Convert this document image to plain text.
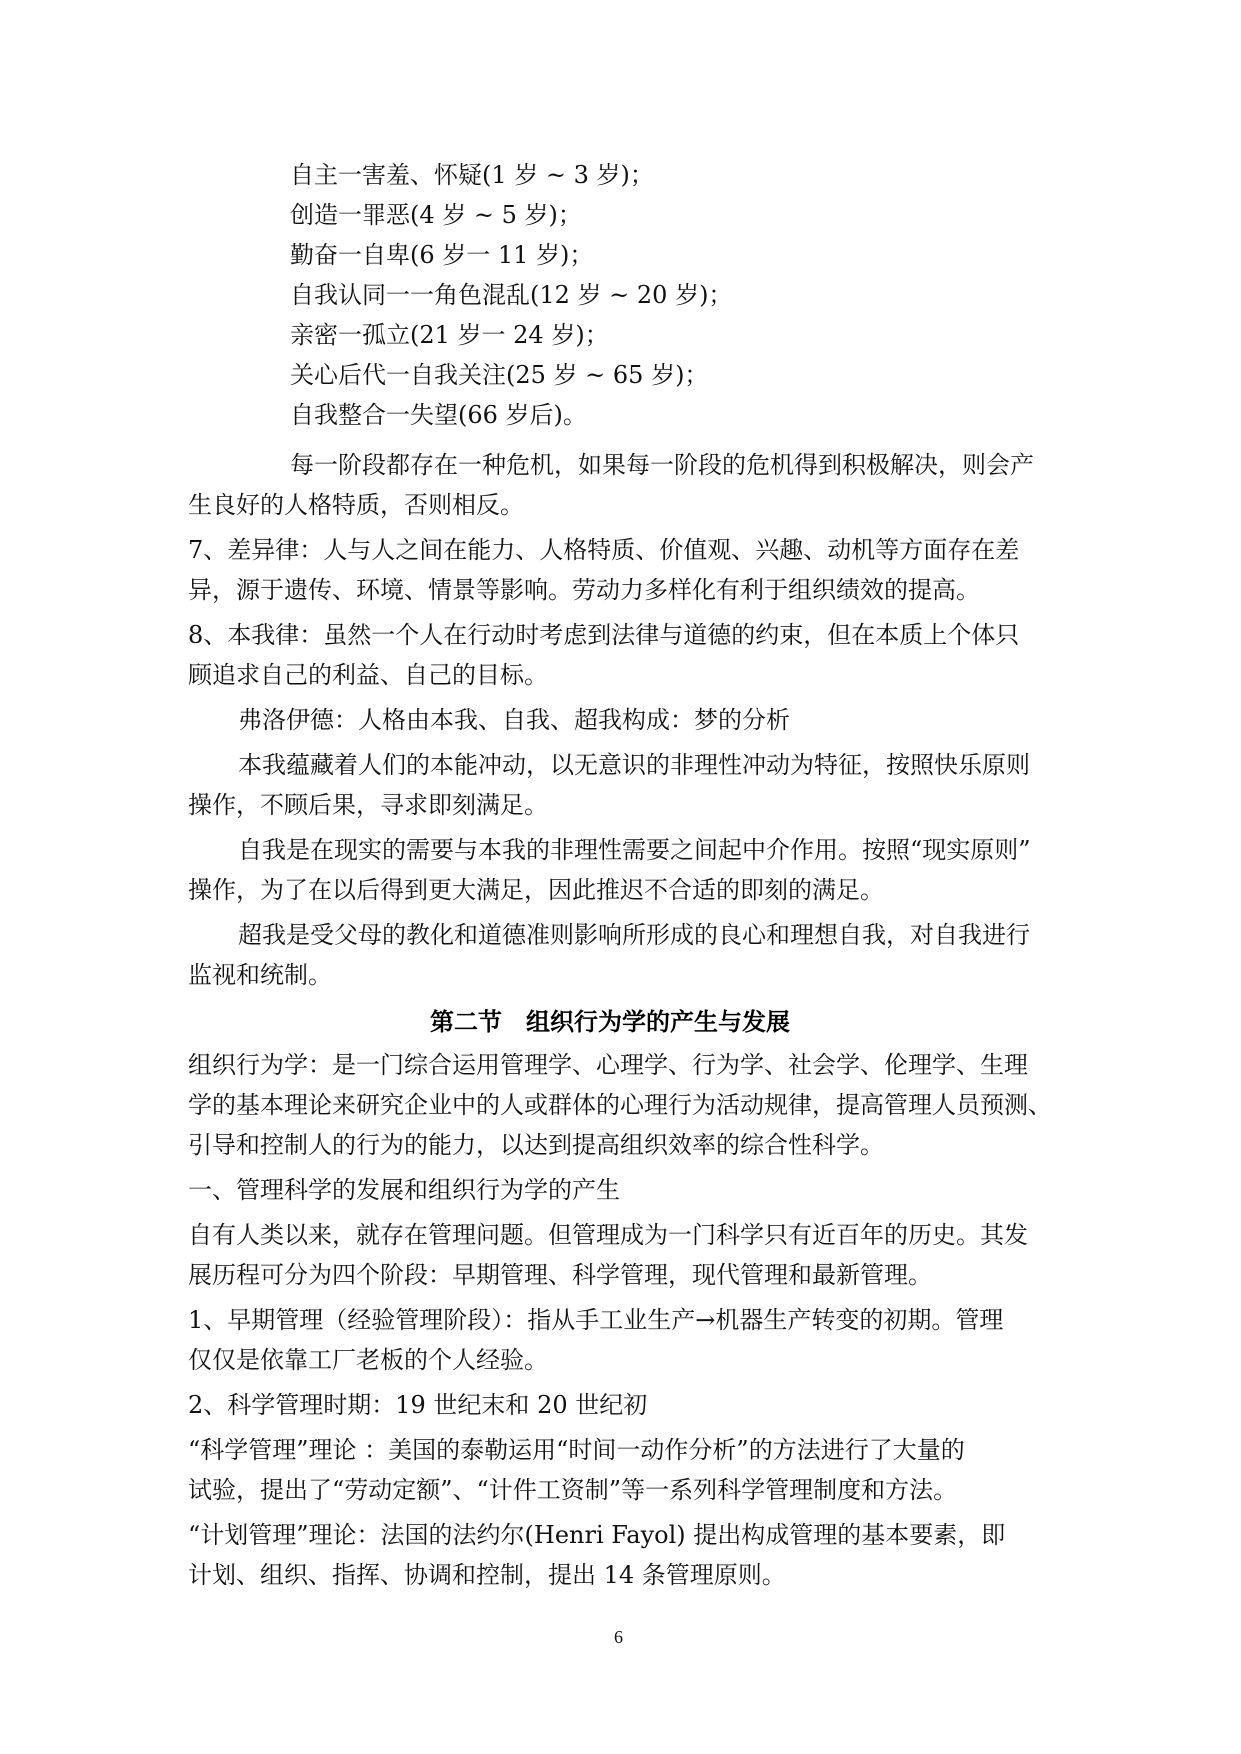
自主一害羞、怀疑(1 岁 ~ 3 岁)；
创造一罪恶(4 岁 ~ 5 岁)；
勤奋一自卑(6 岁一 11 岁)；
自我认同一一角色混乱(12 岁 ~ 20 岁)；
亲密一孤立(21 岁一 24 岁)；
关心后代一自我关注(25 岁 ~ 65 岁)；
自我整合一失望(66 岁后)。
每一阶段都存在一种危机，如果每一阶段的危机得到积极解决，则会产
生良好的人格特质，否则相反。
7、差异律：人与人之间在能力、人格特质、价值观、兴趣、动机等方面存在差
异，源于遗传、环境、情景等影响。劳动力多样化有利于组织绩效的提高。
8、本我律：虽然一个人在行动时考虑到法律与道德的约束，但在本质上个体只
顾追求自己的利益、自己的目标。
弗洛伊德：人格由本我、自我、超我构成：梦的分析
本我蕴藏着人们的本能冲动，以无意识的非理性冲动为特征，按照快乐原则
操作，不顾后果，寻求即刻满足。
自我是在现实的需要与本我的非理性需要之间起中介作用。按照“现实原则”
操作，为了在以后得到更大满足，因此推迟不合适的即刻的满足。
超我是受父母的教化和道德准则影响所形成的良心和理想自我，对自我进行
监视和统制。
第二节　组织行为学的产生与发展
组织行为学：是一门综合运用管理学、心理学、行为学、社会学、伦理学、生理
学的基本理论来研究企业中的人或群体的心理行为活动规律，提高管理人员预测、
引导和控制人的行为的能力，以达到提高组织效率的综合性科学。
一、管理科学的发展和组织行为学的产生
自有人类以来，就存在管理问题。但管理成为一门科学只有近百年的历史。其发
展历程可分为四个阶段：早期管理、科学管理，现代管理和最新管理。
1、早期管理（经验管理阶段）：指从手工业生产→机器生产转变的初期。管理
仅仅是依靠工厂老板的个人经验。
2、科学管理时期：19 世纪末和 20 世纪初
“科学管理”理论 ：美国的泰勒运用“时间一动作分析”的方法进行了大量的
试验，提出了“劳动定额”、“计件工资制”等一系列科学管理制度和方法。
“计划管理”理论：法国的法约尔(Henri Fayol) 提出构成管理的基本要素，即
计划、组织、指挥、协调和控制，提出 14 条管理原则。
6
